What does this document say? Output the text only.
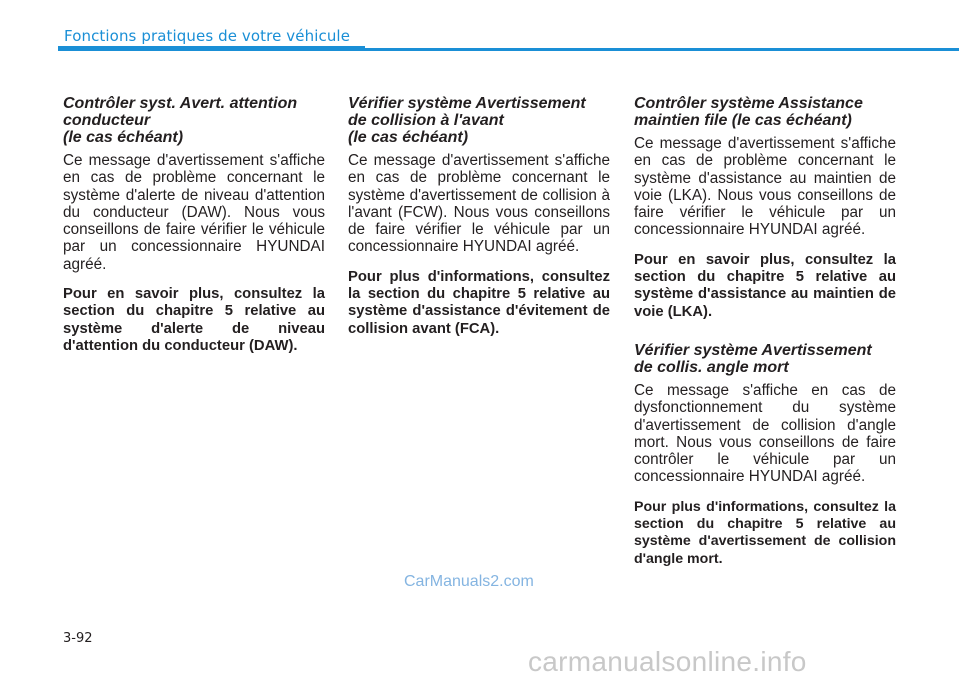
Fonctions pratiques de votre véhicule
Contrôler syst. Avert. attention
conducteur
(le cas échéant)

Ce message d'avertissement s'affiche en cas de problème concernant le système d'alerte de niveau d'attention du conducteur (DAW). Nous vous conseillons de faire vérifier le véhicule par un concessionnaire HYUNDAI agréé.

Pour en savoir plus, consultez la section du chapitre 5 relative au système d'alerte de niveau d'attention du conducteur (DAW).

Vérifier système Avertissement
de collision à l'avant
(le cas échéant)

Ce message d'avertissement s'affiche en cas de problème concernant le système d'avertissement de collision à l'avant (FCW). Nous vous conseillons de faire vérifier le véhicule par un concessionnaire HYUNDAI agréé.

Pour plus d'informations, consultez la section du chapitre 5 relative au système d'assistance d'évitement de collision avant (FCA).

Contrôler système Assistance
maintien file (le cas échéant)

Ce message d'avertissement s'affiche en cas de problème concernant le système d'assistance au maintien de voie (LKA). Nous vous conseillons de faire vérifier le véhicule par un concessionnaire HYUNDAI agréé.

Pour en savoir plus, consultez la section du chapitre 5 relative au système d'assistance au maintien de voie (LKA).

Vérifier système Avertissement
de collis. angle mort

Ce message s'affiche en cas de dysfonctionnement du système d'avertissement de collision d'angle mort. Nous vous conseillons de faire contrôler le véhicule par un concessionnaire HYUNDAI agréé.

Pour plus d'informations, consultez la section du chapitre 5 relative au système d'avertissement de collision d'angle mort.

3-92
CarManuals2.com
carmanualsonline.info
